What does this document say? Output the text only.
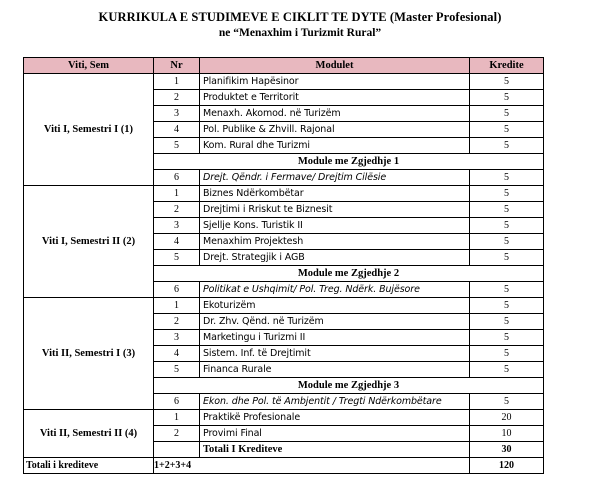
KURRIKULA E STUDIMEVE E CIKLIT TE DYTE (Master Profesional)
ne “Menaxhim i Turizmit Rural”
Viti, Sem	Nr	Modulet	Kredite
Viti I, Semestri I (1)	1	Planifikim Hapësinor	5
	2	Produktet e Territorit	5
	3	Menaxh. Akomod. në Turizëm	5
	4	Pol. Publike & Zhvill. Rajonal	5
	5	Kom. Rural dhe Turizmi	5
	Module me Zgjedhje 1		
	6	Drejt. Qëndr. i Fermave/ Drejtim Cilësie	5
Viti I, Semestri II (2)	1	Biznes Ndërkombëtar	5
	2	Drejtimi i Rriskut te Biznesit	5
	3	Sjellje Kons. Turistik II	5
	4	Menaxhim Projektesh	5
	5	Drejt. Strategjik i AGB	5
	Module me Zgjedhje 2		
	6	Politikat e Ushqimit/ Pol. Treg. Ndërk. Bujësore	5
Viti II, Semestri I (3)	1	Ekoturizëm	5
	2	Dr. Zhv. Qënd. në Turizëm	5
	3	Marketingu i Turizmi II	5
	4	Sistem. Inf. të Drejtimit	5
	5	Financa Rurale	5
	Module me Zgjedhje 3		
	6	Ekon. dhe Pol. të Ambjentit / Tregti Ndërkombëtare	5
Viti II, Semestri II (4)	1	Praktikë Profesionale	20
	2	Provimi Final	10
		Totali I Krediteve	30
Totali i krediteve	1+2+3+4		120
